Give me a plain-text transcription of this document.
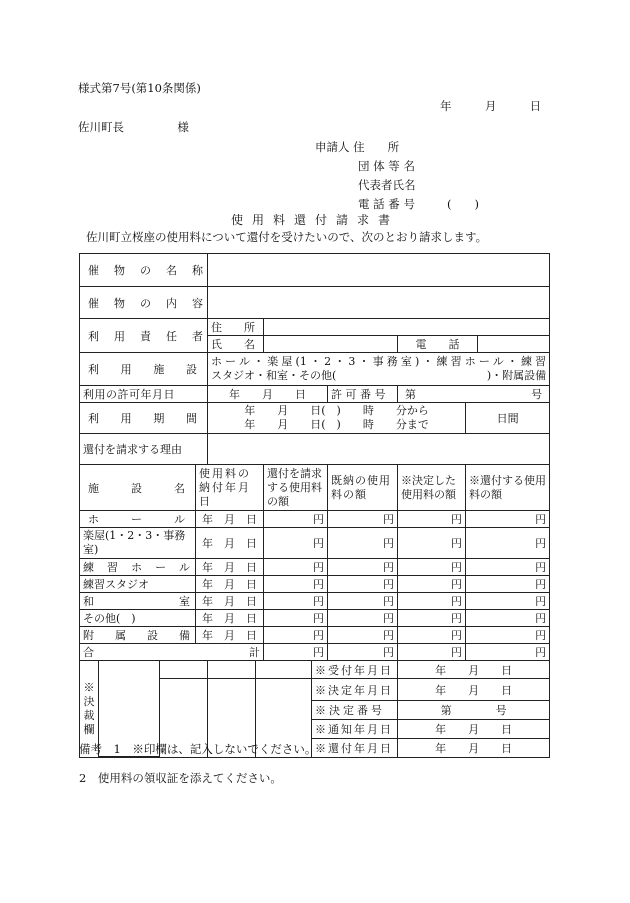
様式第7号(第10条関係)
年	月	日
佐川町長	様
申請人 住　　所
団 体 等 名
代表者氏名
電 話 番 号	(　　)
使用料還付請求書
佐川町立桜座の使用料について還付を受けたいので、次のとおり請求します。
催　物　の　名　称	
催　物　の　内　容	
利　用　責　任　者	住　　所	
氏　　名		電　　話	
利　用　施　設	
ホール・楽屋(1・2・3・事務室)・練習ホール・練習
スタジオ・和室・その他(	)・附属設備

利用の許可年月日	年　　月　　日	許 可 番 号	第	号

利　用　期　間	
年　　月　　日(　)　　時　　分から
年　　月　　日(　)　　時　　分まで	日間
還付を請求する理由	
施　設　名	使用料の納付年月日	還付を請求する使用料の額	既納の使用料の額	※決定した使用料の額	※還付する使用料の額
ホ　ー　ル	年　月　日	円	円	円	円
楽屋(1・2・3・事務室)	年　月　日	円	円	円	円
練習ホール	年　月　日	円	円	円	円
練習スタジオ	年　月　日	円	円	円	円
和　　　室	年　月　日	円	円	円	円
その他(　)	年　月　日	円	円	円	円
附属設備	年　月　日	円	円	円	円

合	計	円	円	円	円

※決裁欄	
				※受付年月日	年　　月　　日
			※決定年月日	年　　月　　日
※決定番号	第　　　　号
※通知年月日	年　　月　　日
※還付年月日	年　　月　　日
備考　1　※印欄は、記入しないでください。
2　使用料の領収証を添えてください。
